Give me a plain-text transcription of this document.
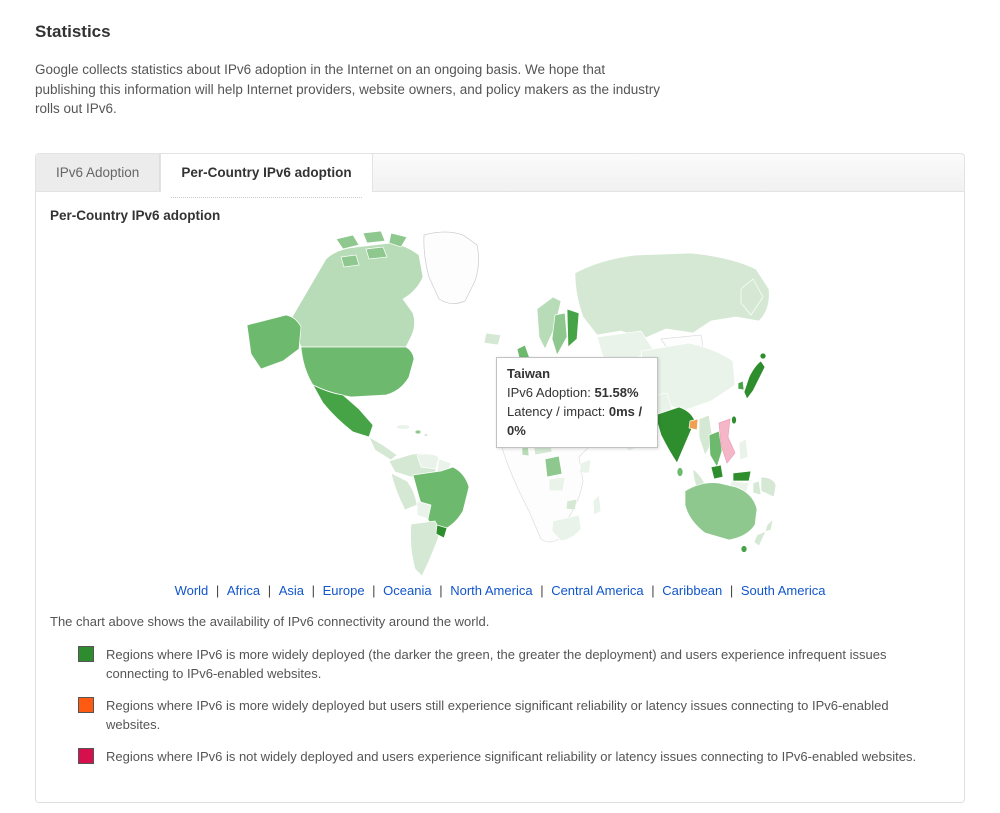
Statistics

Google collects statistics about IPv6 adoption in the Internet on an ongoing basis. We hope that publishing this information will help Internet providers, website owners, and policy makers as the industry rolls out IPv6.

IPv6 Adoption	Per-Country IPv6 adoption
Per-Country IPv6 adoption
Taiwan
IPv6 Adoption: 51.58%
Latency / impact: 0ms / 0%
World | Africa | Asia | Europe | Oceania | North America | Central America | Caribbean | South America
The chart above shows the availability of IPv6 connectivity around the world.
Regions where IPv6 is more widely deployed (the darker the green, the greater the deployment) and users experience infrequent issues connecting to IPv6-enabled websites.
Regions where IPv6 is more widely deployed but users still experience significant reliability or latency issues connecting to IPv6-enabled websites.
Regions where IPv6 is not widely deployed and users experience significant reliability or latency issues connecting to IPv6-enabled websites.
